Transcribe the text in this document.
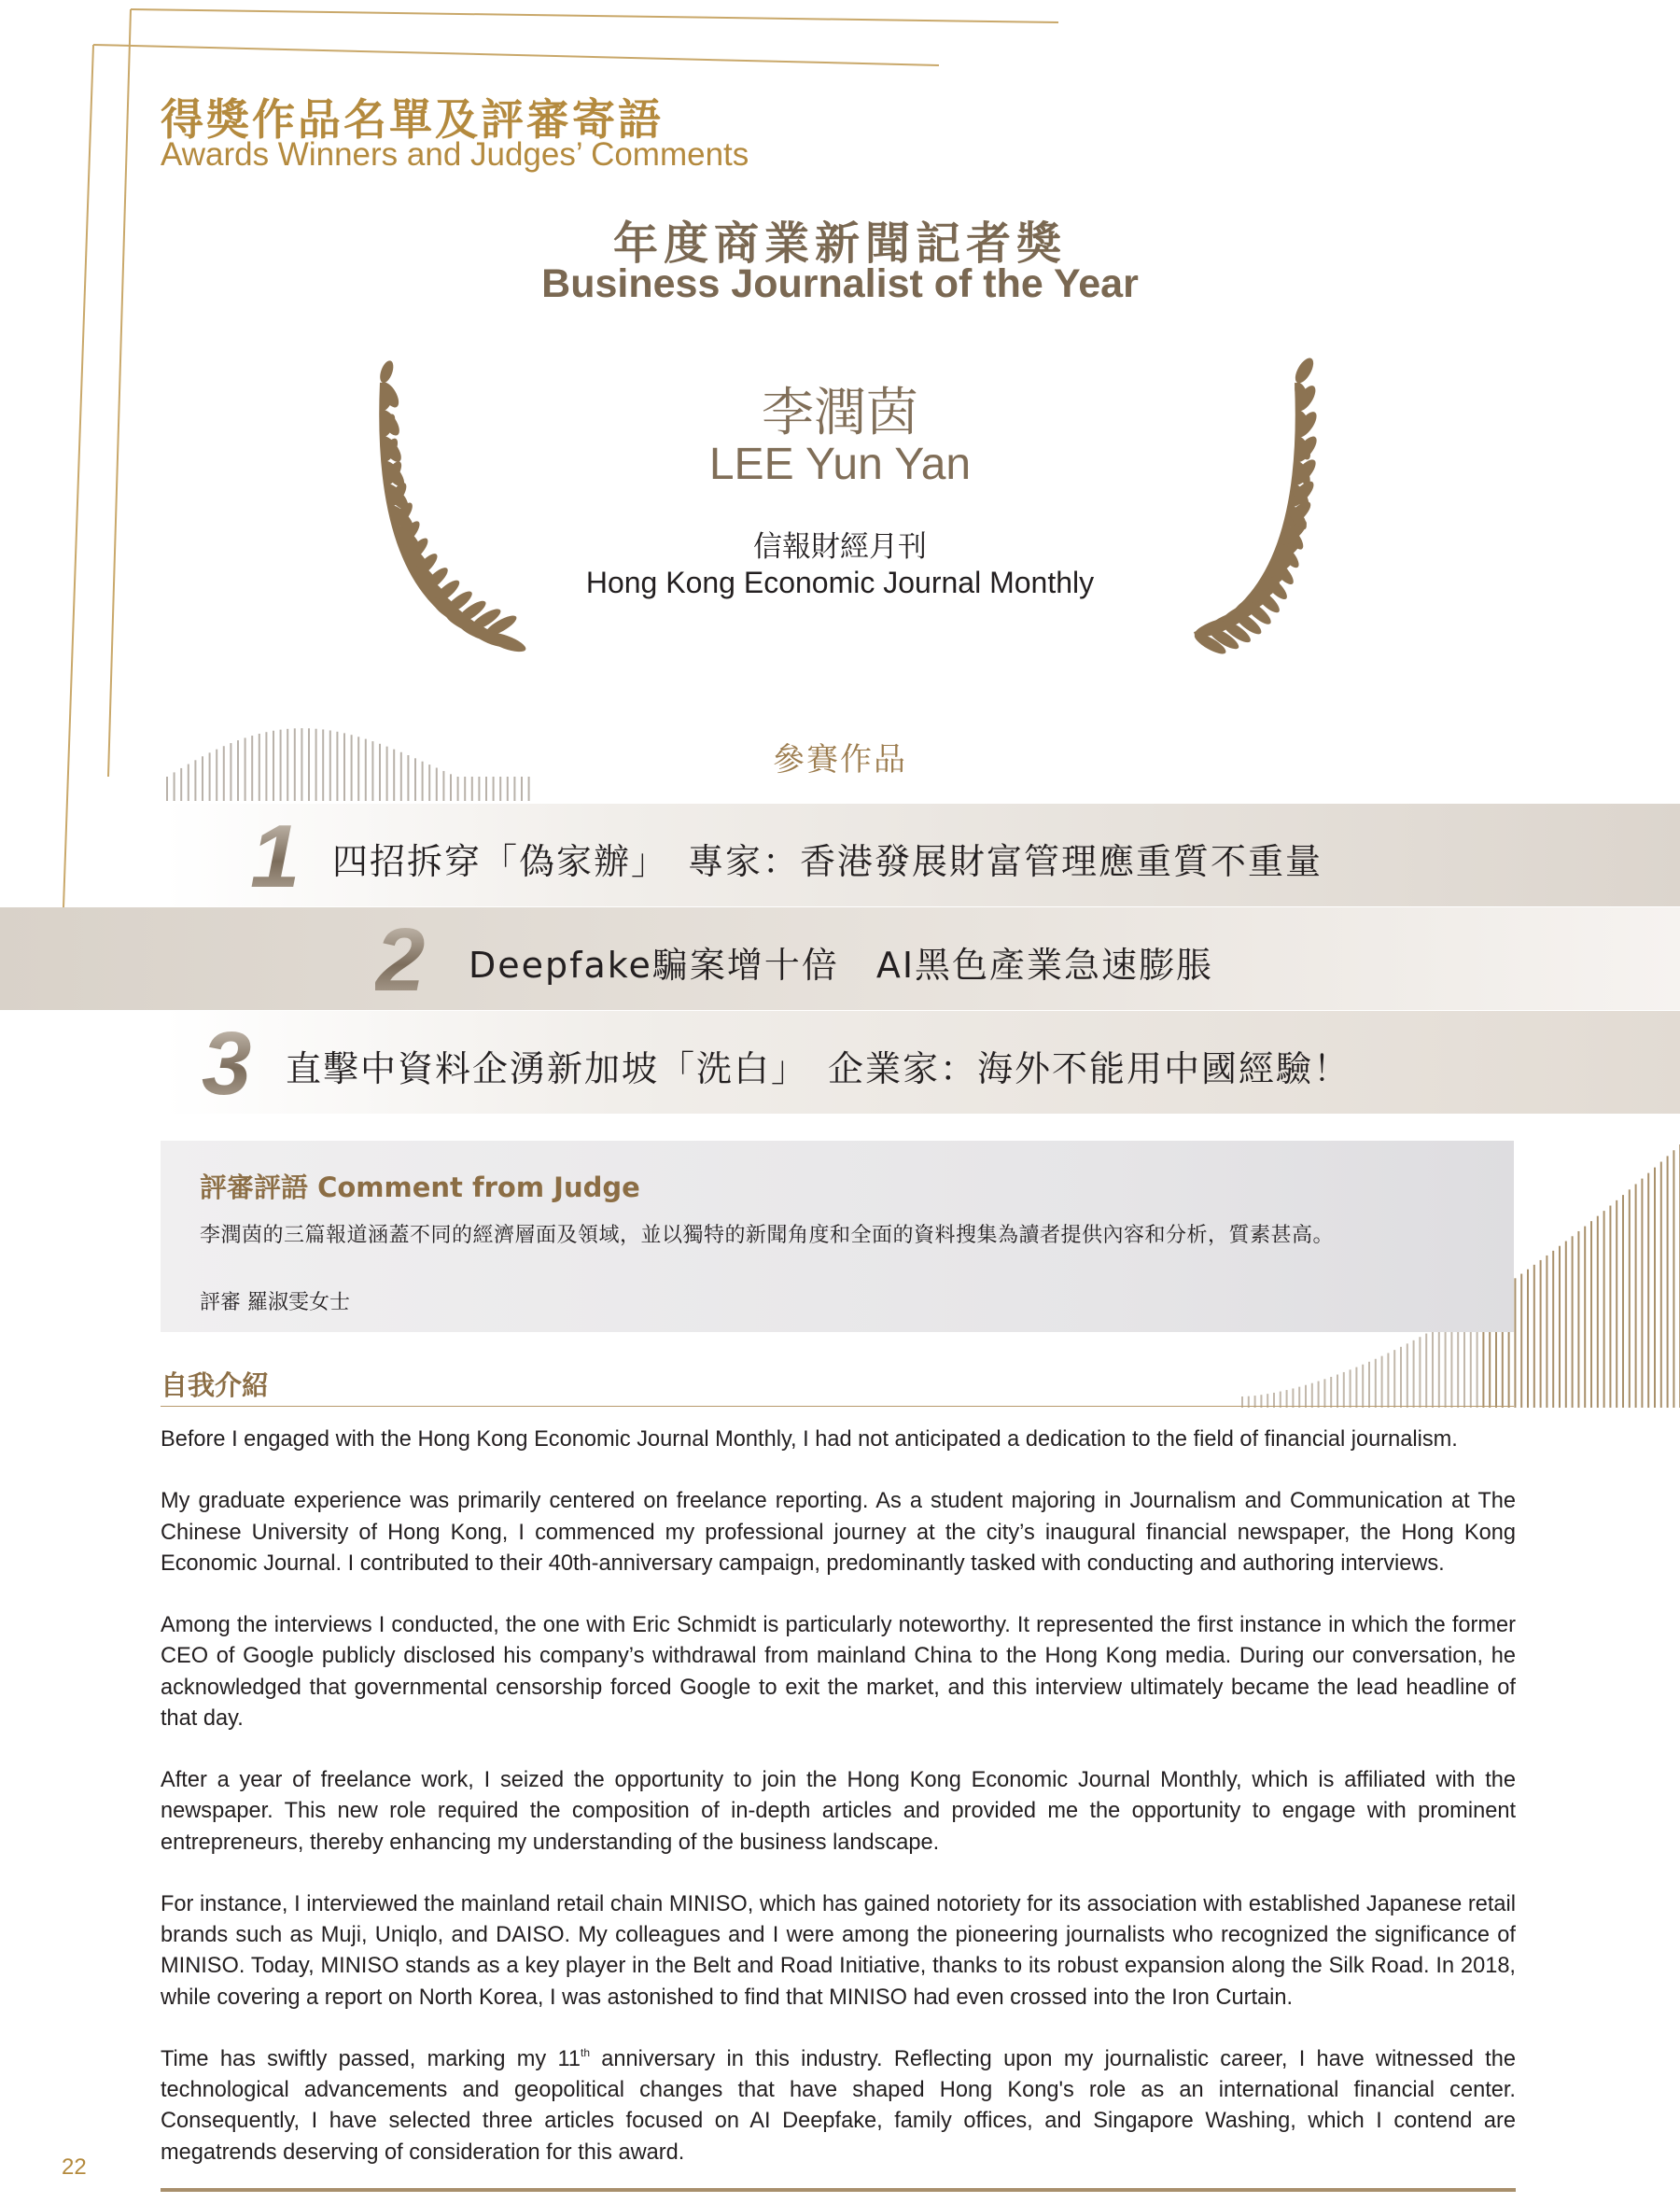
得獎作品名單及評審寄語
Awards Winners and Judges’ Comments
年度商業新聞記者獎
Business Journalist of the Year
李潤茵
LEE Yun Yan
信報財經月刊
Hong Kong Economic Journal Monthly
參賽作品
1 四招拆穿「偽家辦」　專家：香港發展財富管理應重質不重量
2 Deepfake騙案增十倍　AI黑色產業急速膨脹
3 直擊中資料企湧新加坡「洗白」　企業家：海外不能用中國經驗！
評審評語 Comment from Judge
李潤茵的三篇報道涵蓋不同的經濟層面及領域，並以獨特的新聞角度和全面的資料搜集為讀者提供內容和分析，質素甚高。
評審 羅淑雯女士
自我介紹

Before I engaged with the Hong Kong Economic Journal Monthly, I had not anticipated a dedication to the field of financial journalism.

My graduate experience was primarily centered on freelance reporting. As a student majoring in Journalism and Communication at The Chinese University of Hong Kong, I commenced my professional journey at the city’s inaugural financial newspaper, the Hong Kong Economic Journal. I contributed to their 40th-anniversary campaign, predominantly tasked with conducting and authoring interviews.

Among the interviews I conducted, the one with Eric Schmidt is particularly noteworthy. It represented the first instance in which the former CEO of Google publicly disclosed his company’s withdrawal from mainland China to the Hong Kong media. During our conversation, he acknowledged that governmental censorship forced Google to exit the market, and this interview ultimately became the lead headline of that day.

After a year of freelance work, I seized the opportunity to join the Hong Kong Economic Journal Monthly, which is affiliated with the newspaper. This new role required the composition of in-depth articles and provided me the opportunity to engage with prominent entrepreneurs, thereby enhancing my understanding of the business landscape.

For instance, I interviewed the mainland retail chain MINISO, which has gained notoriety for its association with established Japanese retail brands such as Muji, Uniqlo, and DAISO. My colleagues and I were among the pioneering journalists who recognized the significance of MINISO. Today, MINISO stands as a key player in the Belt and Road Initiative, thanks to its robust expansion along the Silk Road. In 2018, while covering a report on North Korea, I was astonished to find that MINISO had even crossed into the Iron Curtain.

Time has swiftly passed, marking my 11th anniversary in this industry. Reflecting upon my journalistic career, I have witnessed the technological advancements and geopolitical changes that have shaped Hong Kong's role as an international financial center. Consequently, I have selected three articles focused on AI Deepfake, family offices, and Singapore Washing, which I contend are megatrends deserving of consideration for this award.

22
